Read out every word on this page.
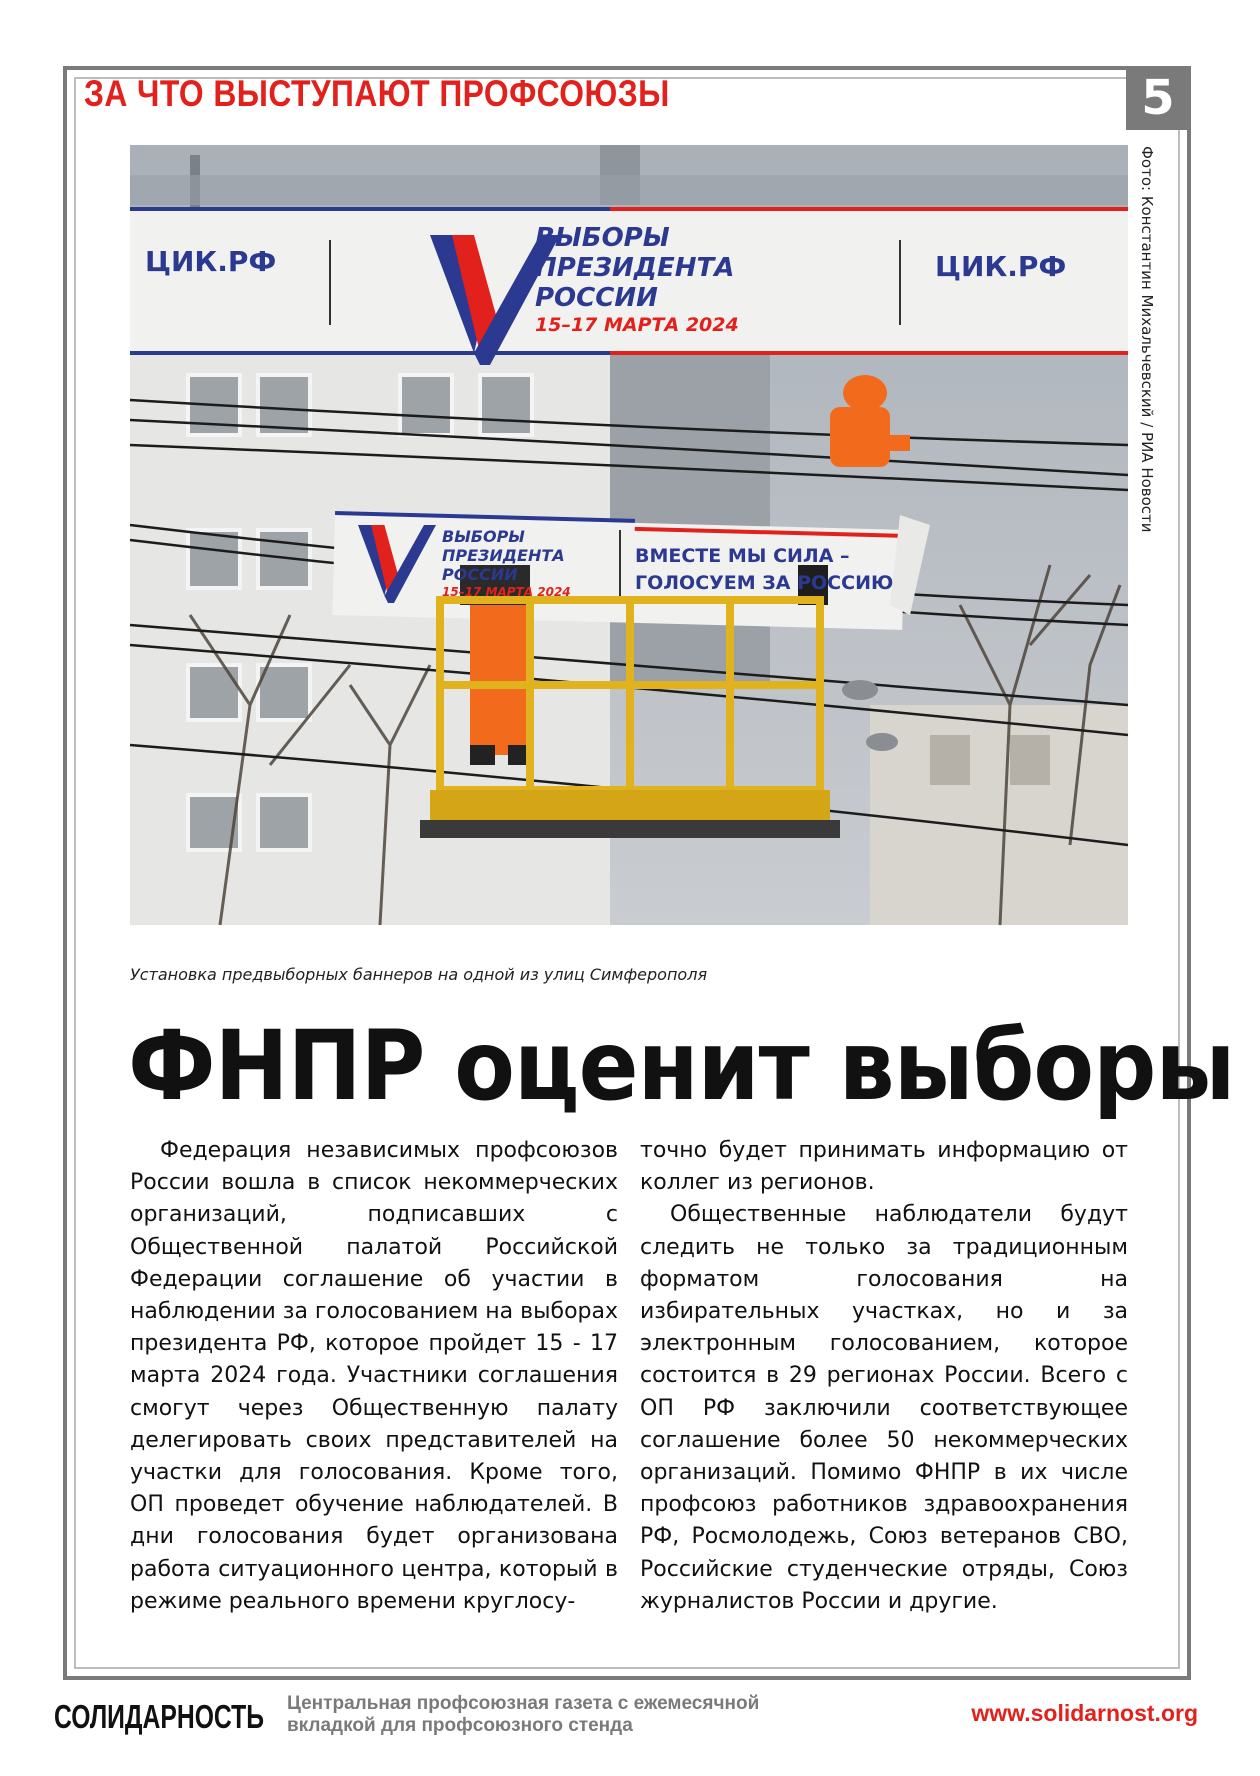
ЗА ЧТО ВЫСТУПАЮТ ПРОФСОЮЗЫ	5
ЦИК.РФ
ВЫБОРЫ
ПРЕЗИДЕНТА
РОССИИ
15–17 МАРТА 2024
ЦИК.РФ
ВЫБОРЫ
ПРЕЗИДЕНТА
РОССИИ
15–17 МАРТА 2024
ВМЕСТЕ МЫ СИЛА –
ГОЛОСУЕМ ЗА РОССИЮ
Фото: Константин Михальчевский / РИА Новости
Установка предвыборных баннеров на одной из улиц Симферополя
ФНПР оценит выборы

Федерация независимых профсоюзов России вошла в список некоммерческих организаций, подписавших с Общественной палатой Российской Федерации соглашение об участии в наблюдении за голосованием на выборах президента РФ, которое пройдет 15 - 17 марта 2024 года. Участники соглашения смогут через Общественную палату делегировать своих представителей на участки для голосования. Кроме того, ОП проведет обучение наблюдателей. В дни голосования будет организована работа ситуационного центра, который в режиме реального времени круглосу-

точно будет принимать информацию от коллег из регионов.

Общественные наблюдатели будут следить не только за традиционным форматом голосования на избирательных участках, но и за электронным голосованием, которое состоится в 29 регионах России. Всего с ОП РФ заключили соответствующее соглашение более 50 некоммерческих организаций. Помимо ФНПР в их числе профсоюз работников здравоохранения РФ, Росмолодежь, Союз ветеранов СВО, Российские студенческие отряды, Союз журналистов России и другие.

СОЛИДАРНОСТЬ Центральная профсоюзная газета с ежемесячной
вкладкой для профсоюзного стенда	www.solidarnost.org
